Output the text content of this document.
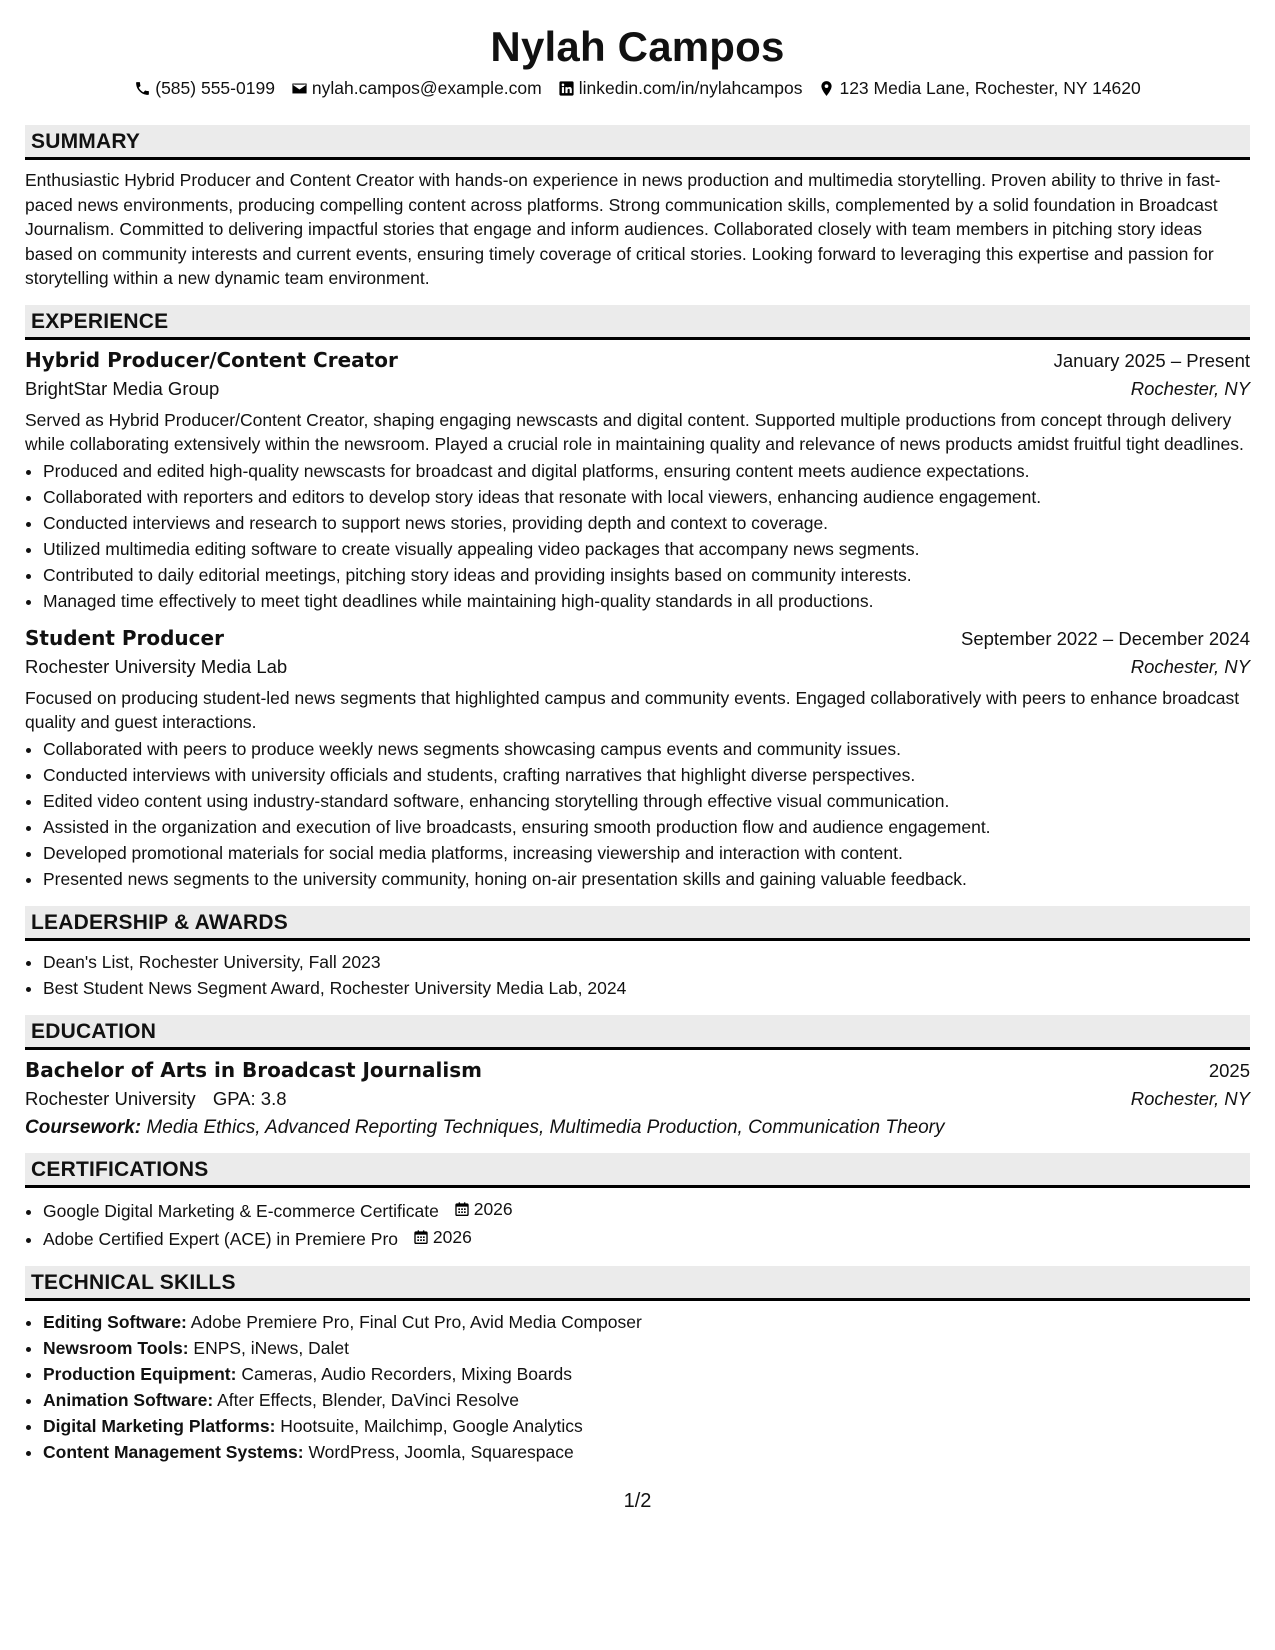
Nylah Campos
(585) 555-0199 nylah.campos@example.com linkedin.com/in/nylahcampos 123 Media Lane, Rochester, NY 14620
SUMMARY

Enthusiastic Hybrid Producer and Content Creator with hands-on experience in news production and multimedia storytelling. Proven ability to thrive in fast-paced news environments, producing compelling content across platforms. Strong communication skills, complemented by a solid foundation in Broadcast Journalism. Committed to delivering impactful stories that engage and inform audiences. Collaborated closely with team members in pitching story ideas based on community interests and current events, ensuring timely coverage of critical stories. Looking forward to leveraging this expertise and passion for storytelling within a new dynamic team environment.

EXPERIENCE
Hybrid Producer/Content Creator	January 2025 – Present
BrightStar Media Group	Rochester, NY
Served as Hybrid Producer/Content Creator, shaping engaging newscasts and digital content. Supported multiple productions from concept through delivery while collaborating extensively within the newsroom. Played a crucial role in maintaining quality and relevance of news products amidst fruitful tight deadlines.
• Produced and edited high-quality newscasts for broadcast and digital platforms, ensuring content meets audience expectations.
• Collaborated with reporters and editors to develop story ideas that resonate with local viewers, enhancing audience engagement.
• Conducted interviews and research to support news stories, providing depth and context to coverage.
• Utilized multimedia editing software to create visually appealing video packages that accompany news segments.
• Contributed to daily editorial meetings, pitching story ideas and providing insights based on community interests.
• Managed time effectively to meet tight deadlines while maintaining high-quality standards in all productions.
Student Producer	September 2022 – December 2024
Rochester University Media Lab	Rochester, NY
Focused on producing student-led news segments that highlighted campus and community events. Engaged collaboratively with peers to enhance broadcast quality and guest interactions.
• Collaborated with peers to produce weekly news segments showcasing campus events and community issues.
• Conducted interviews with university officials and students, crafting narratives that highlight diverse perspectives.
• Edited video content using industry-standard software, enhancing storytelling through effective visual communication.
• Assisted in the organization and execution of live broadcasts, ensuring smooth production flow and audience engagement.
• Developed promotional materials for social media platforms, increasing viewership and interaction with content.
• Presented news segments to the university community, honing on-air presentation skills and gaining valuable feedback.
LEADERSHIP & AWARDS
• Dean's List, Rochester University, Fall 2023
• Best Student News Segment Award, Rochester University Media Lab, 2024
EDUCATION
Bachelor of Arts in Broadcast Journalism	2025
Rochester University GPA: 3.8	Rochester, NY
Coursework: Media Ethics, Advanced Reporting Techniques, Multimedia Production, Communication Theory
CERTIFICATIONS
• Google Digital Marketing & E-commerce Certificate 2026
• Adobe Certified Expert (ACE) in Premiere Pro 2026
TECHNICAL SKILLS
• Editing Software: Adobe Premiere Pro, Final Cut Pro, Avid Media Composer
• Newsroom Tools: ENPS, iNews, Dalet
• Production Equipment: Cameras, Audio Recorders, Mixing Boards
• Animation Software: After Effects, Blender, DaVinci Resolve
• Digital Marketing Platforms: Hootsuite, Mailchimp, Google Analytics
• Content Management Systems: WordPress, Joomla, Squarespace
1/2
